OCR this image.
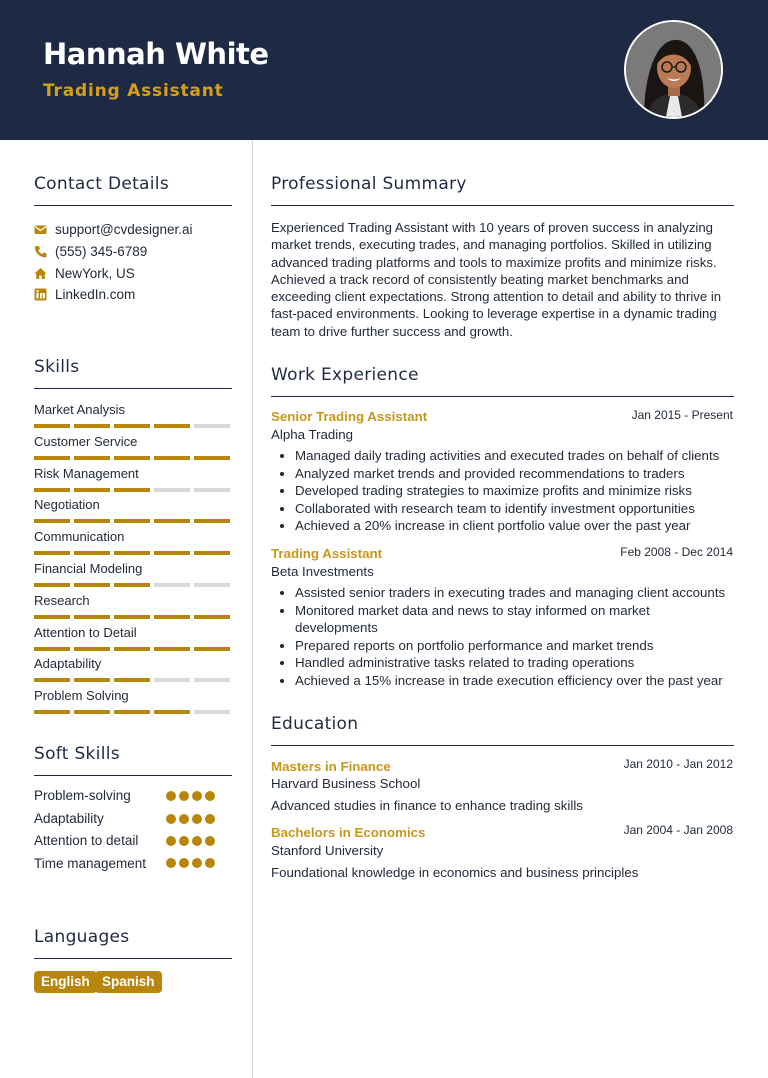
Hannah White
Trading Assistant
Contact Details
support@cvdesigner.ai
(555) 345-6789
NewYork, US
LinkedIn.com
Skills
Market Analysis
Customer Service
Risk Management
Negotiation
Communication
Financial Modeling
Research
Attention to Detail
Adaptability
Problem Solving
Soft Skills
Problem-solving
Adaptability
Attention to detail
Time management
Languages
English Spanish
Professional Summary
Experienced Trading Assistant with 10 years of proven success in analyzing market trends, executing trades, and managing portfolios. Skilled in utilizing advanced trading platforms and tools to maximize profits and minimize risks. Achieved a track record of consistently beating market benchmarks and exceeding client expectations. Strong attention to detail and ability to thrive in fast-paced environments. Looking to leverage expertise in a dynamic trading team to drive further success and growth.
Work Experience
Senior Trading Assistant	Jan 2015 - Present
Alpha Trading
Managed daily trading activities and executed trades on behalf of clients
Analyzed market trends and provided recommendations to traders
Developed trading strategies to maximize profits and minimize risks
Collaborated with research team to identify investment opportunities
Achieved a 20% increase in client portfolio value over the past year
Trading Assistant	Feb 2008 - Dec 2014
Beta Investments
Assisted senior traders in executing trades and managing client accounts
Monitored market data and news to stay informed on market developments
Prepared reports on portfolio performance and market trends
Handled administrative tasks related to trading operations
Achieved a 15% increase in trade execution efficiency over the past year
Education
Masters in Finance	Jan 2010 - Jan 2012
Harvard Business School
Advanced studies in finance to enhance trading skills
Bachelors in Economics	Jan 2004 - Jan 2008
Stanford University
Foundational knowledge in economics and business principles
